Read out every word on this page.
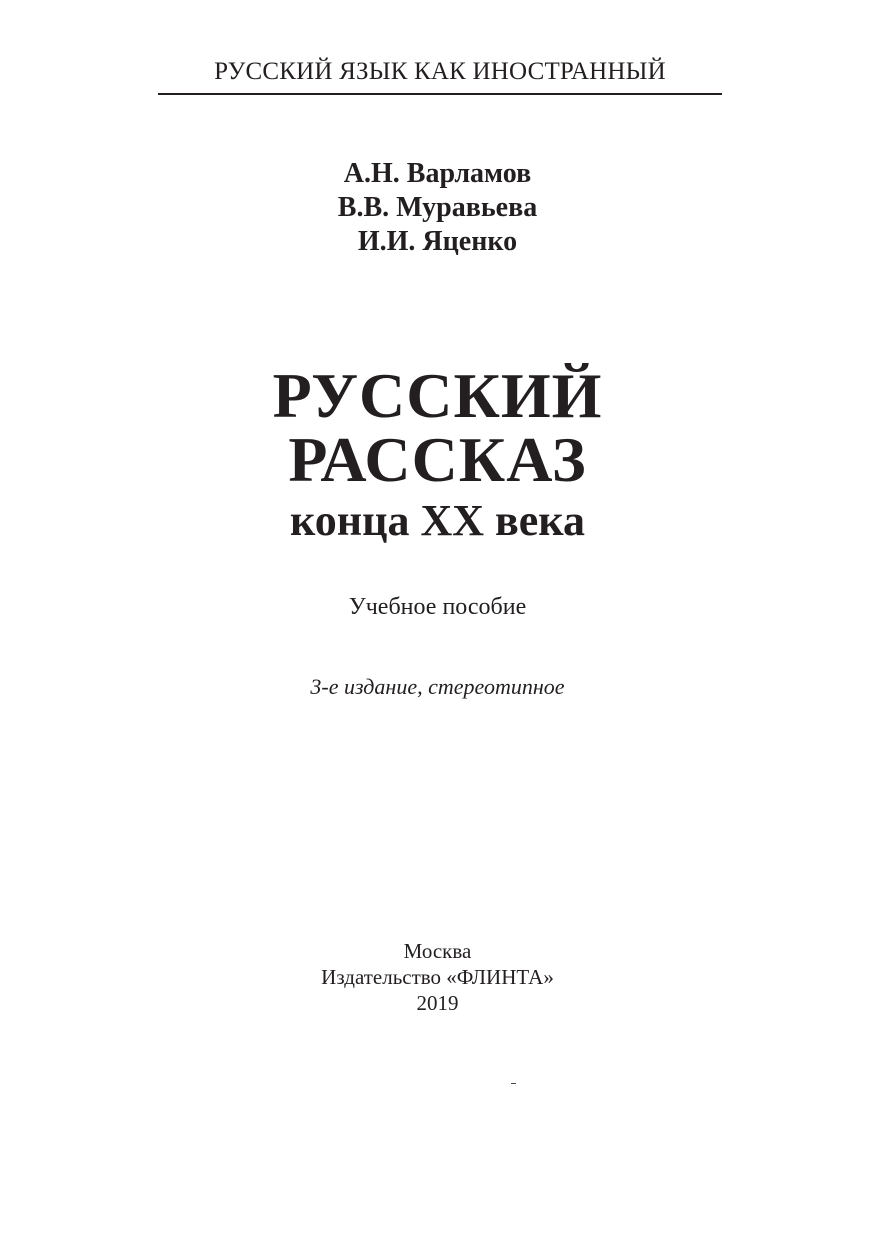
РУССКИЙ ЯЗЫК КАК ИНОСТРАННЫЙ
А.Н. Варламов
В.В. Муравьева
И.И. Яценко
РУССКИЙ
РАССКАЗ
конца XX века
Учебное пособие
3-е издание, стереотипное
Москва
Издательство «ФЛИНТА»
2019
